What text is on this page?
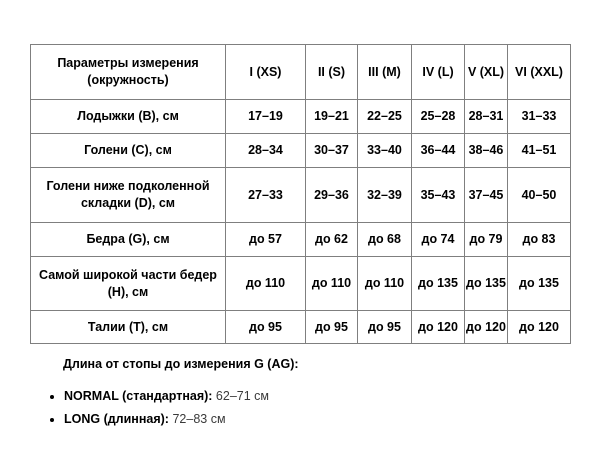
Параметры измерения (окружность)	I (XS)	II (S)	III (M)	IV (L)	V (XL)	VI (XXL)
Лодыжки (B), см	17–19	19–21	22–25	25–28	28–31	31–33
Голени (C), см	28–34	30–37	33–40	36–44	38–46	41–51
Голени ниже подколенной складки (D), см	27–33	29–36	32–39	35–43	37–45	40–50
Бедра (G), см	до 57	до 62	до 68	до 74	до 79	до 83
Самой широкой части бедер (H), см	до 110	до 110	до 110	до 135	до 135	до 135
Талии (T), см	до 95	до 95	до 95	до 120	до 120	до 120
Длина от стопы до измерения G (AG):
• NORMAL (стандартная): 62–71 см
• LONG (длинная): 72–83 см
